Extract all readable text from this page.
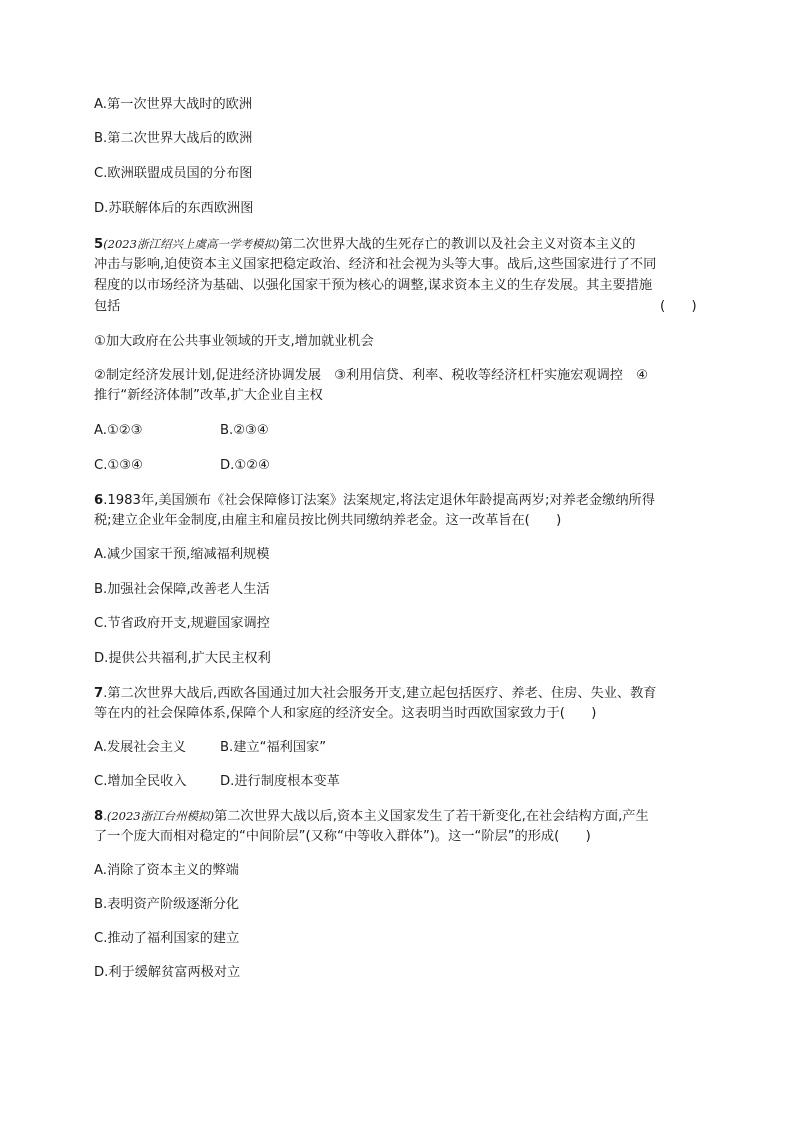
A.第一次世界大战时的欧洲
B.第二次世界大战后的欧洲
C.欧洲联盟成员国的分布图
D.苏联解体后的东西欧洲图
5(2023浙江绍兴上虞高一学考模拟)第二次世界大战的生死存亡的教训以及社会主义对资本主义的
冲击与影响,迫使资本主义国家把稳定政治、经济和社会视为头等大事。战后,这些国家进行了不同
程度的以市场经济为基础、以强化国家干预为核心的调整,谋求资本主义的生存发展。其主要措施
包括	(　　)
①加大政府在公共事业领域的开支,增加就业机会
②制定经济发展计划,促进经济协调发展　③利用信贷、利率、税收等经济杠杆实施宏观调控　④
推行“新经济体制”改革,扩大企业自主权
A.①②③	B.②③④
C.①③④	D.①②④
6.1983年,美国颁布《社会保障修订法案》法案规定,将法定退休年龄提高两岁;对养老金缴纳所得
税;建立企业年金制度,由雇主和雇员按比例共同缴纳养老金。这一改革旨在(　　)
A.减少国家干预,缩减福利规模
B.加强社会保障,改善老人生活
C.节省政府开支,规避国家调控
D.提供公共福利,扩大民主权利
7.第二次世界大战后,西欧各国通过加大社会服务开支,建立起包括医疗、养老、住房、失业、教育
等在内的社会保障体系,保障个人和家庭的经济安全。这表明当时西欧国家致力于(　　)
A.发展社会主义	B.建立“福利国家”
C.增加全民收入	D.进行制度根本变革
8.(2023浙江台州模拟)第二次世界大战以后,资本主义国家发生了若干新变化,在社会结构方面,产生
了一个庞大而相对稳定的“中间阶层”(又称“中等收入群体”)。这一“阶层”的形成(　　)
A.消除了资本主义的弊端
B.表明资产阶级逐渐分化
C.推动了福利国家的建立
D.利于缓解贫富两极对立
